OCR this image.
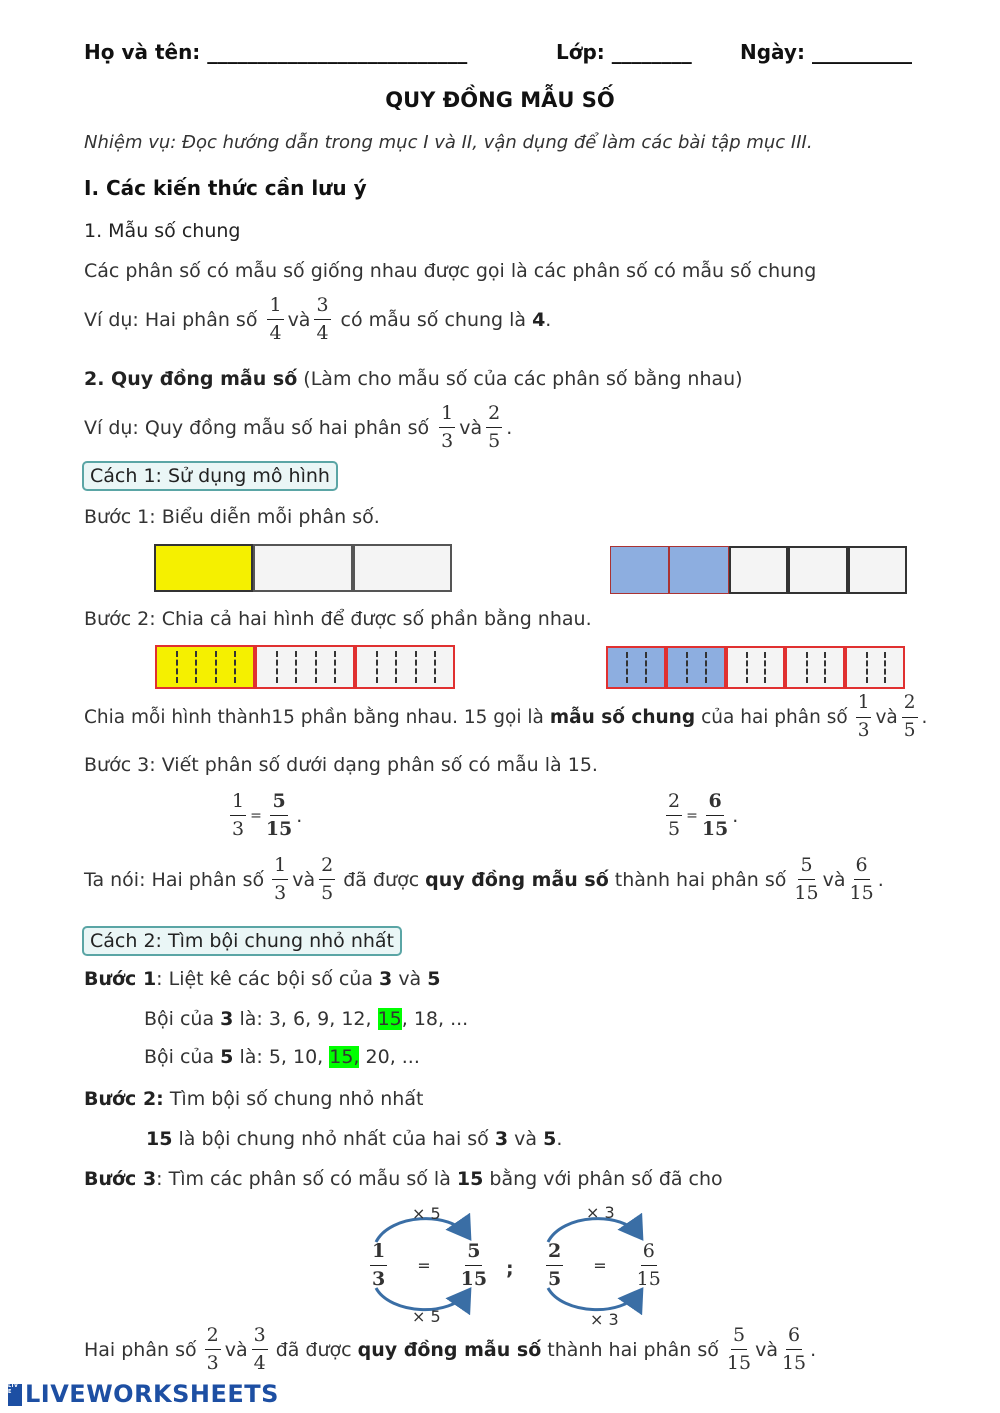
Họ và tên: __________________________	Lớp: ________ Ngày: __________
QUY ĐỒNG MẪU SỐ
Nhiệm vụ: Đọc hướng dẫn trong mục I và II, vận dụng để làm các bài tập mục III.
I. Các kiến thức cần lưu ý
1. Mẫu số chung
Các phân số có mẫu số giống nhau được gọi là các phân số có mẫu số chung
Ví dụ: Hai phân số $\frac{1}{4}$ và $\frac{3}{4}$ có mẫu số chung là 4 .
2. Quy đồng mẫu số (Làm cho mẫu số của các phân số bằng nhau)
Ví dụ: Quy đồng mẫu số hai phân số $\frac{1}{3}$ và $\frac{2}{5}$ .
Cách 1: Sử dụng mô hình
Bước 1: Biểu diễn mỗi phân số.
Bước 2: Chia cả hai hình để được số phần bằng nhau.
Chia mỗi hình thành15 phần bằng nhau. 15 gọi là mẫu số chung của hai phân số $\frac{1}{3}$ và $\frac{2}{5}$ .
Bước 3: Viết phân số dưới dạng phân số có mẫu là 15.
$\frac{1}{3} = \frac{5}{15}$ .	$\frac{2}{5} = \frac{6}{15}$ .
Ta nói: Hai phân số $\frac{1}{3}$ và $\frac{2}{5}$ đã được quy đồng mẫu số thành hai phân số $\frac{5}{15}$ và $\frac{6}{15}$ .
Cách 2: Tìm bội chung nhỏ nhất
Bước 1: Liệt kê các bội số của 3 và 5
Bội của 3 là: 3, 6, 9, 12, 15, 18, ...
Bội của 5 là: 5, 10, 15, 20, ...
Bước 2: Tìm bội số chung nhỏ nhất
15 là bội chung nhỏ nhất của hai số 3 và 5.
Bước 3: Tìm các phân số có mẫu số là 15 bằng với phân số đã cho
× 5
× 5
× 3
× 3
$\frac{1}{3} = \frac{5}{15}$ ; $\frac{2}{5} = \frac{6}{15}$
Hai phân số $\frac{2}{3}$ và $\frac{3}{4}$ đã được quy đồng mẫu số thành hai phân số $\frac{5}{15}$ và $\frac{6}{15}$ .
LIVE LIVEWORKSHEETS
